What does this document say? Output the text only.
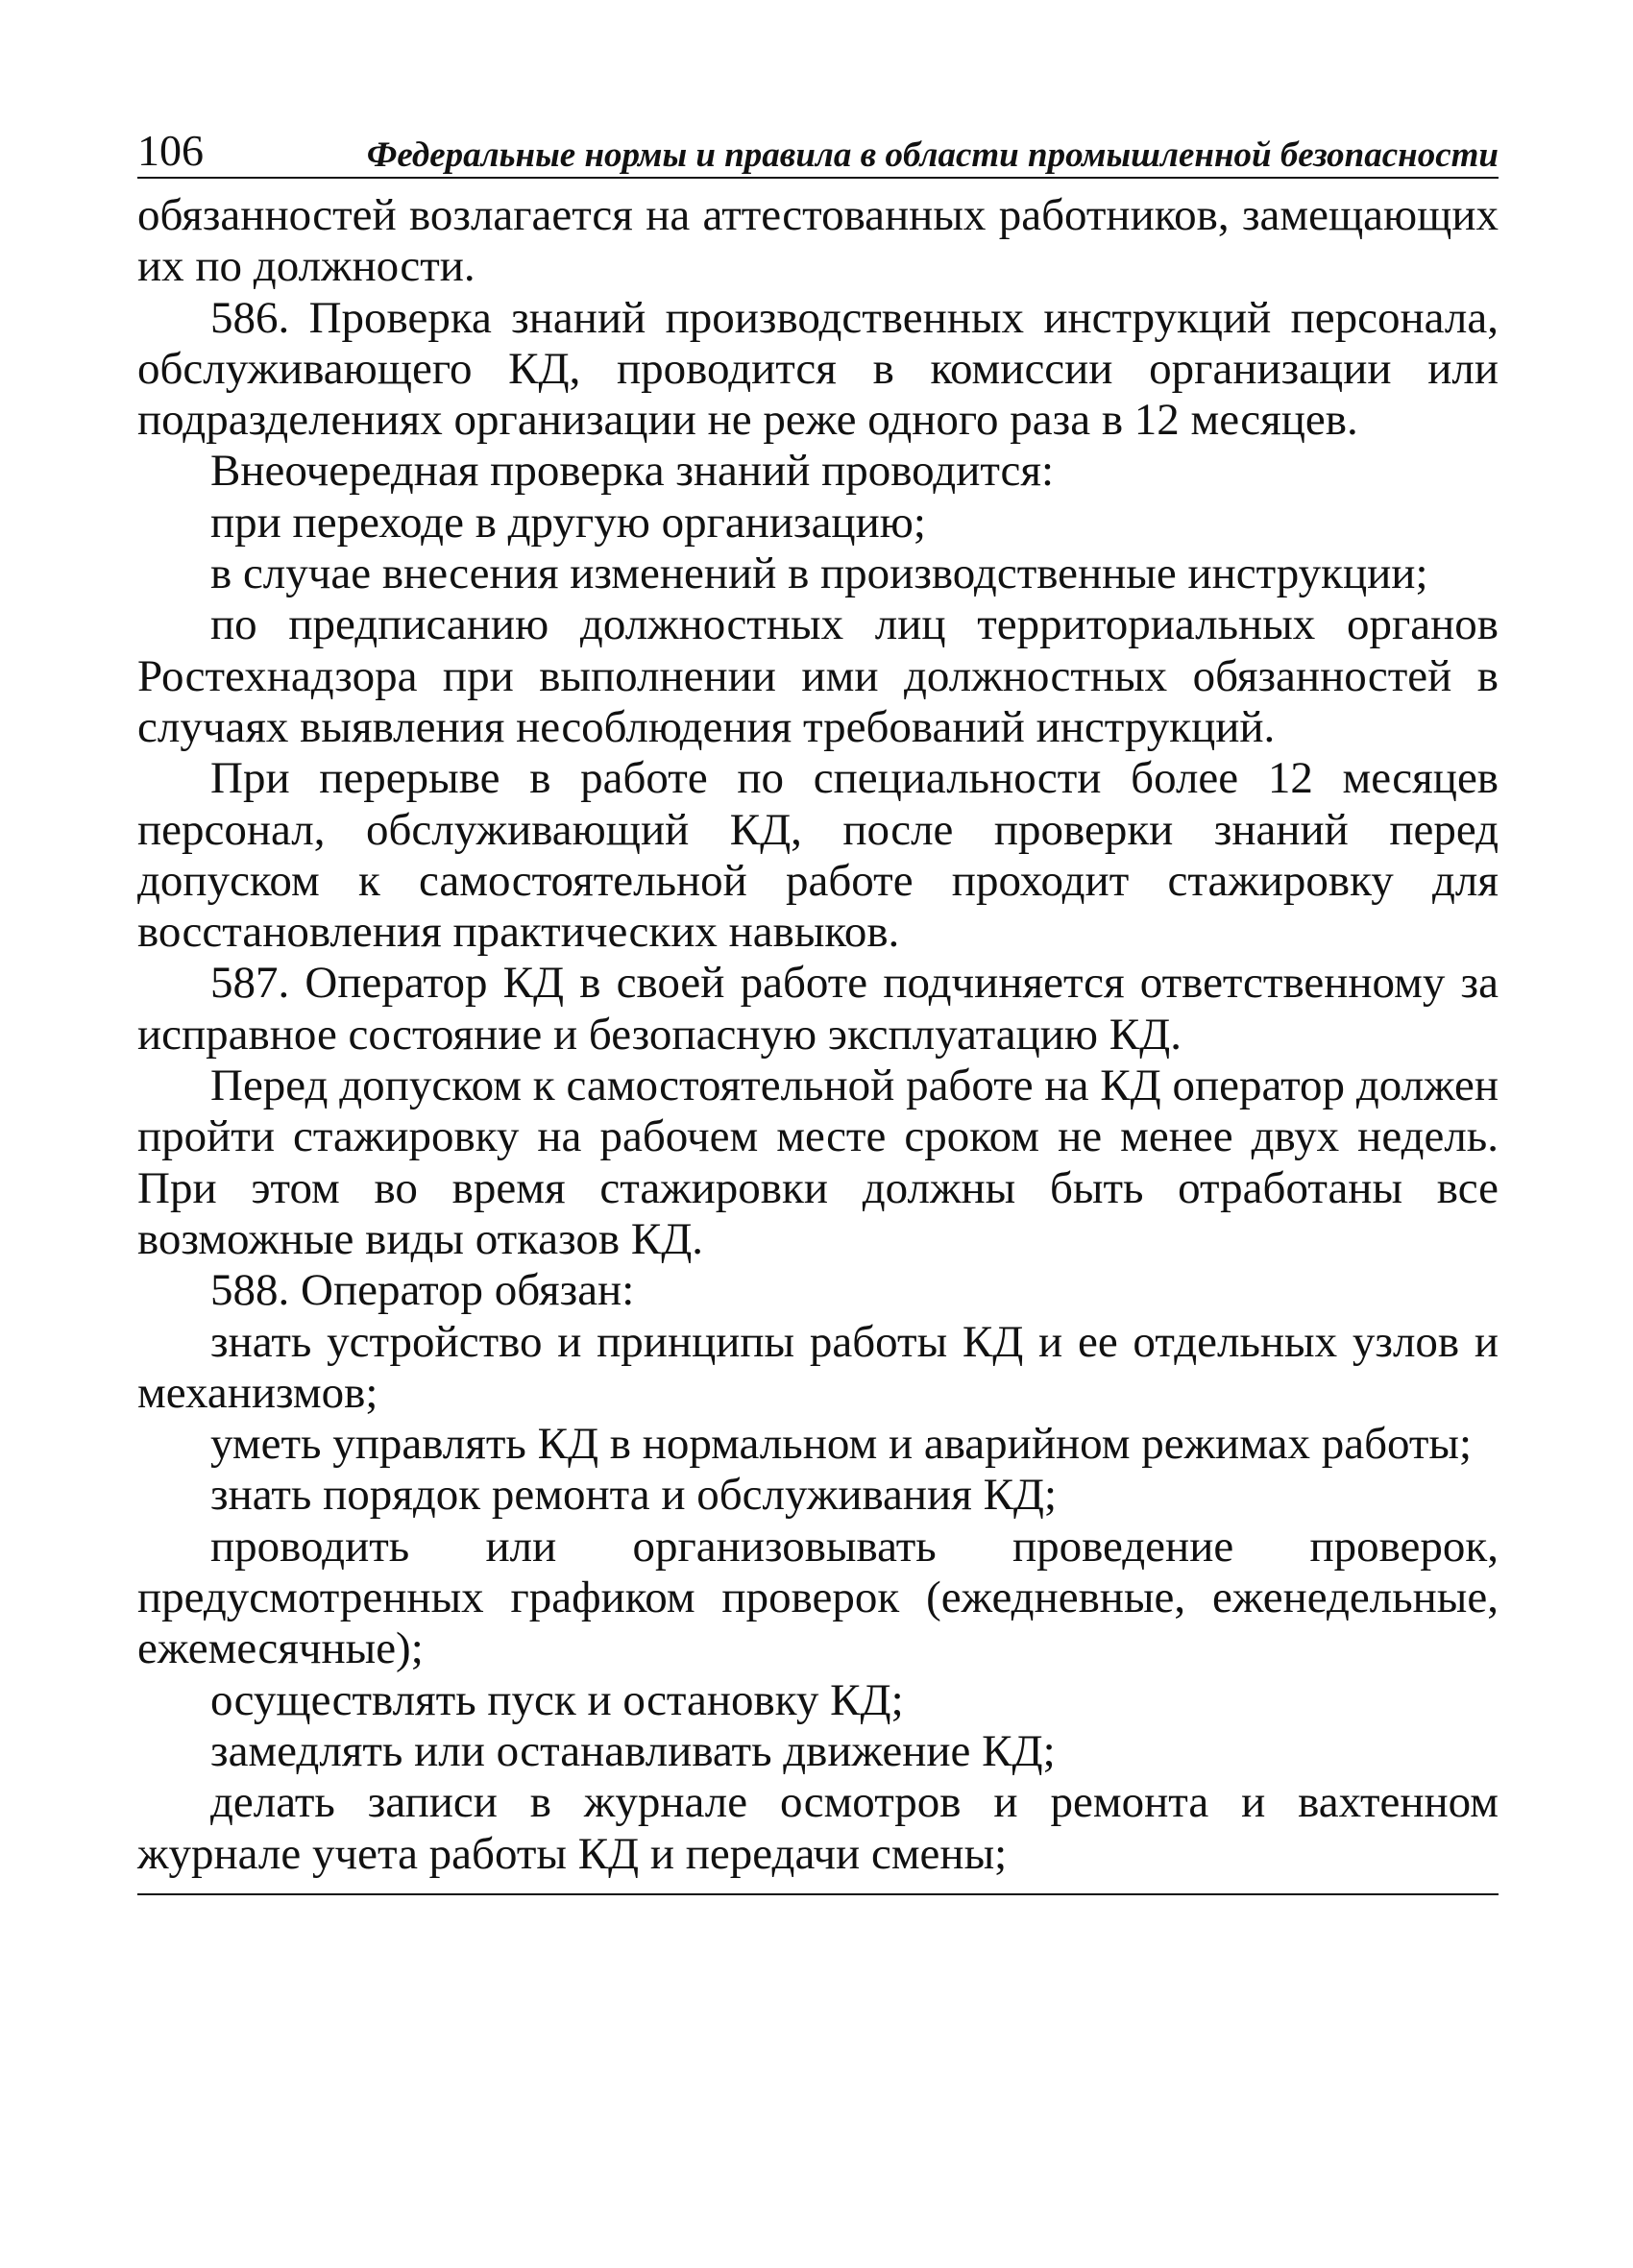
106	Федеральные нормы и правила в области промышленной безопасности

обязанностей возлагается на аттестованных работников, замещающих их по должности.

586. Проверка знаний производственных инструкций персонала, обслуживающего КД, проводится в комиссии организации или подразделениях организации не реже одного раза в 12 месяцев.

Внеочередная проверка знаний проводится:

при переходе в другую организацию;

в случае внесения изменений в производственные инструкции;

по предписанию должностных лиц территориальных органов Ростехнадзора при выполнении ими должностных обязанностей в случаях выявления несоблюдения требований инструкций.

При перерыве в работе по специальности более 12 месяцев персонал, обслуживающий КД, после проверки знаний перед допуском к самостоятельной работе проходит стажировку для восстановления практических навыков.

587. Оператор КД в своей работе подчиняется ответственному за исправное состояние и безопасную эксплуатацию КД.

Перед допуском к самостоятельной работе на КД оператор должен пройти стажировку на рабочем месте сроком не менее двух недель. При этом во время стажировки должны быть отработаны все возможные виды отказов КД.

588. Оператор обязан:

знать устройство и принципы работы КД и ее отдельных узлов и механизмов;

уметь управлять КД в нормальном и аварийном режимах работы;

знать порядок ремонта и обслуживания КД;

проводить или организовывать проведение проверок, предусмотренных графиком проверок (ежедневные, еженедельные, ежемесячные);

осуществлять пуск и остановку КД;

замедлять или останавливать движение КД;

делать записи в журнале осмотров и ремонта и вахтенном журнале учета работы КД и передачи смены;
